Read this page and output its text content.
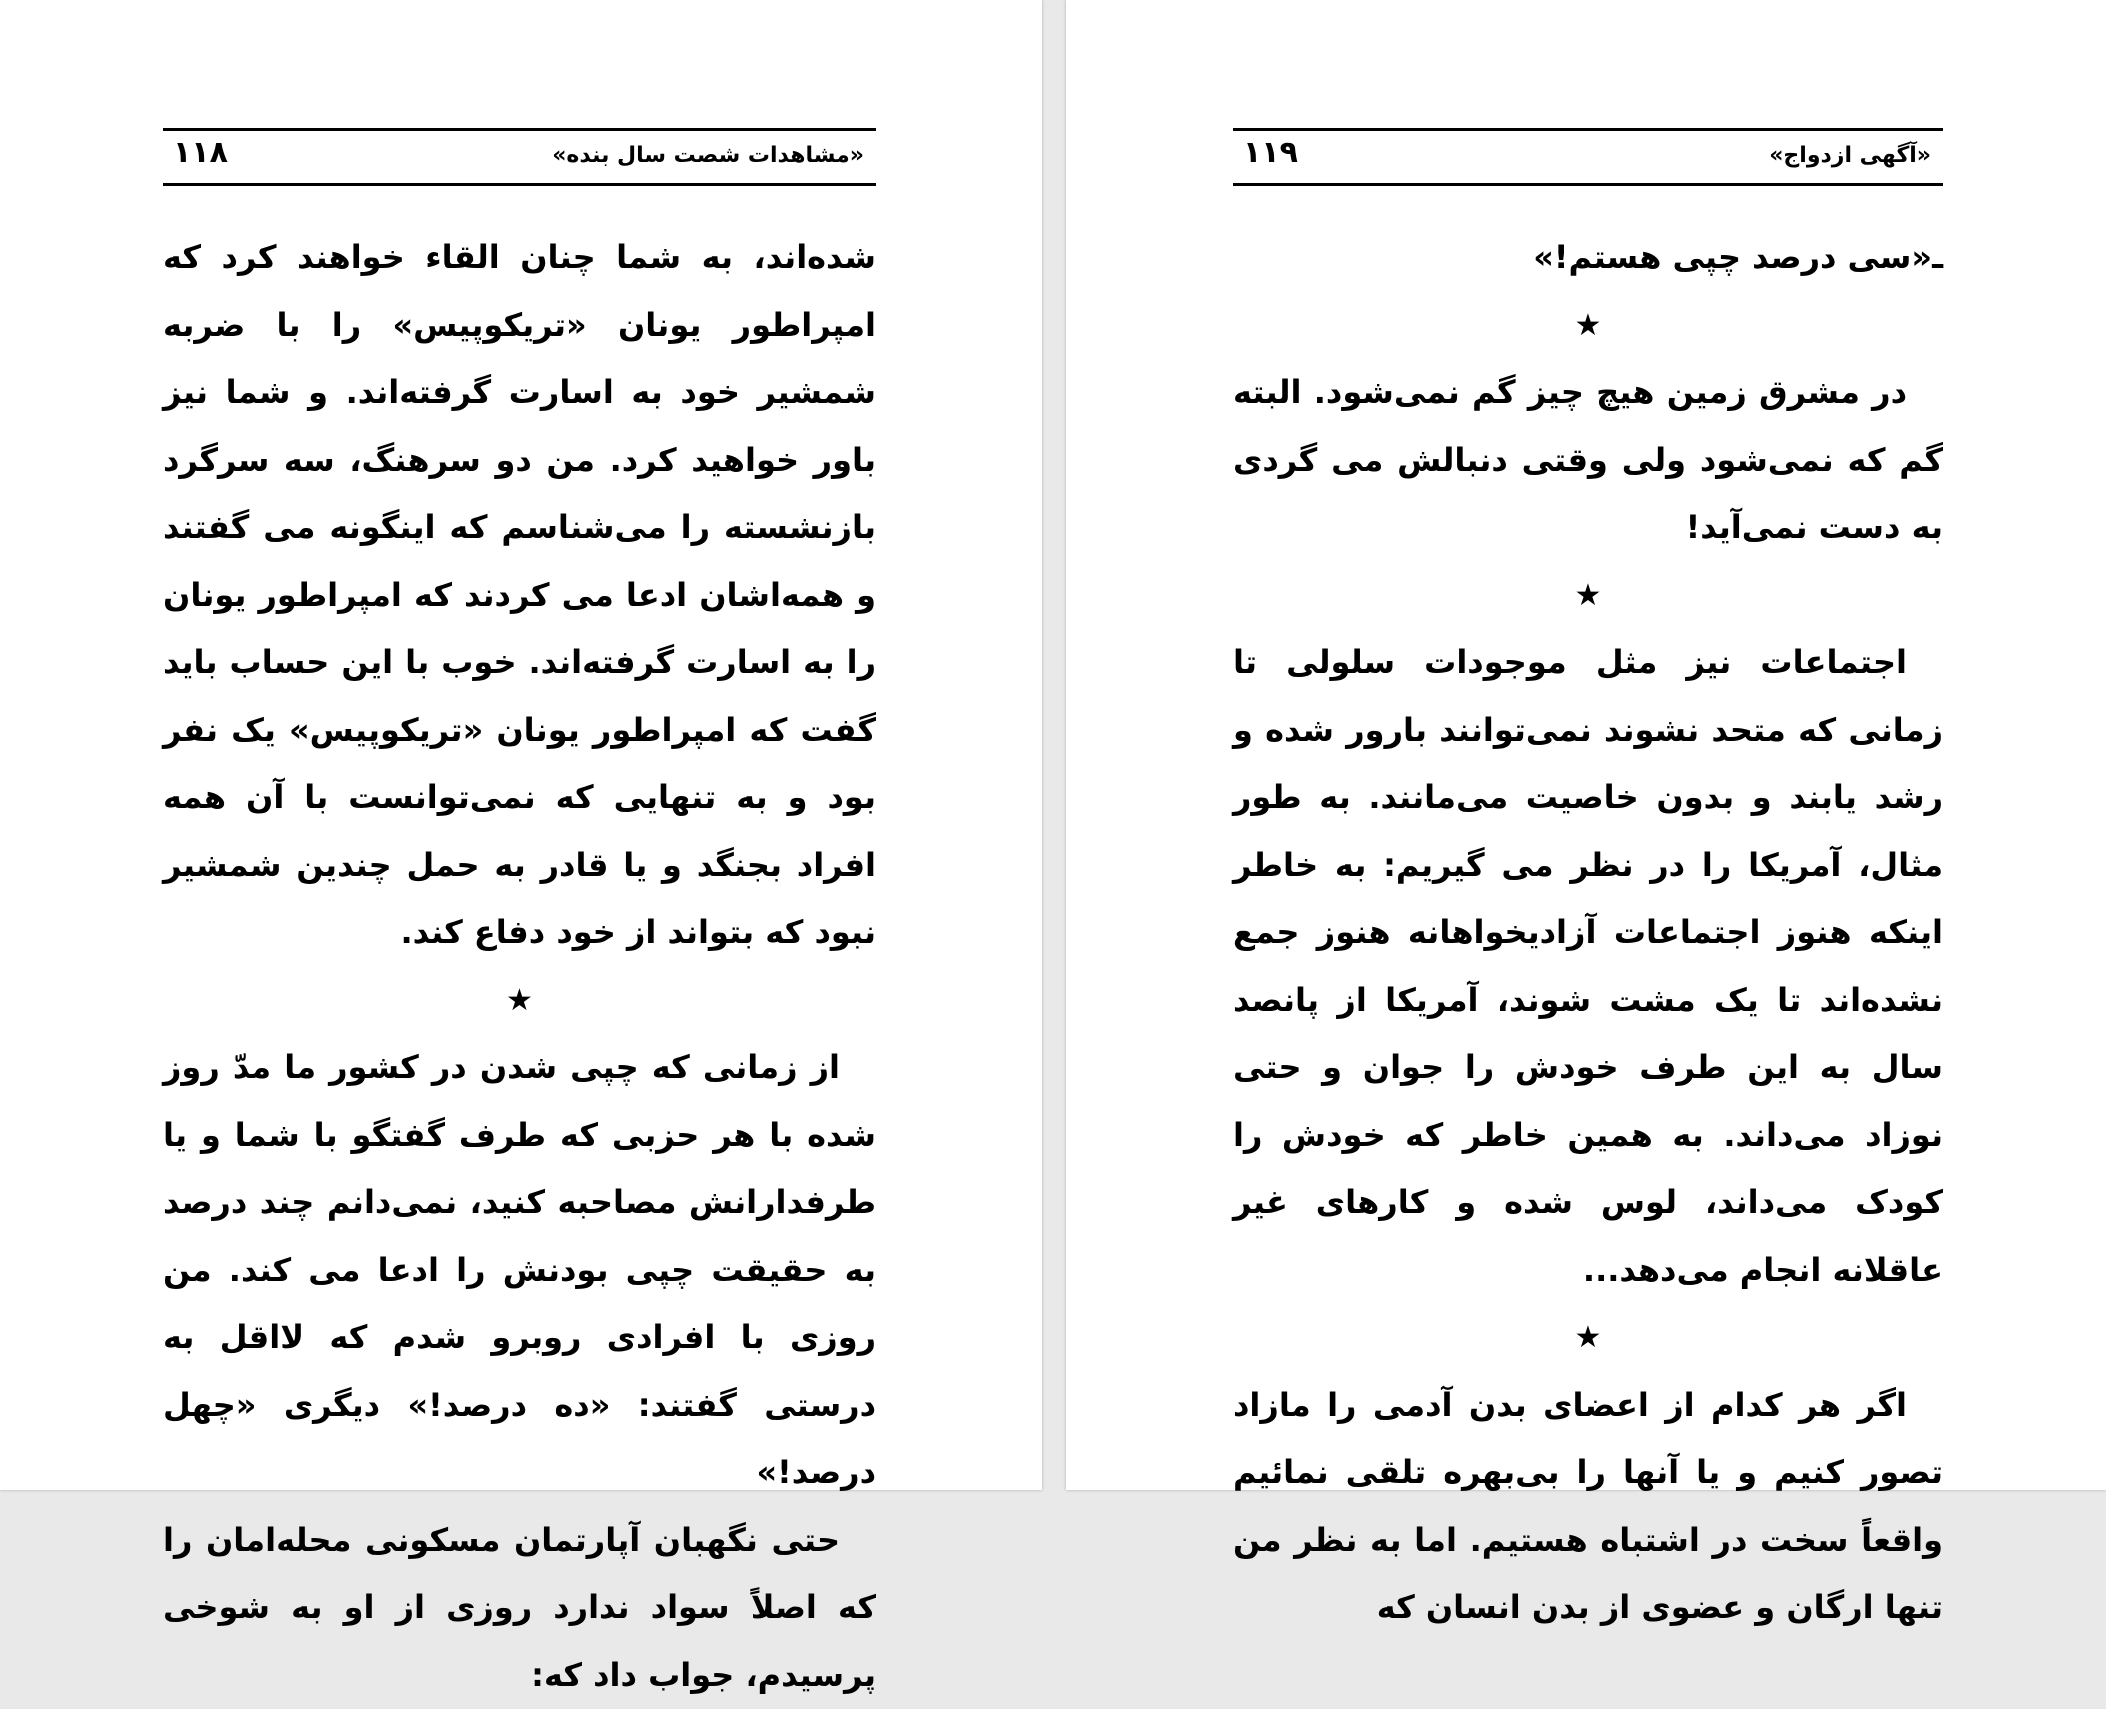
«مشاهدات شصت سال بنده»
۱۱۸

شده‌اند، به شما چنان القاء خواهند کرد که امپراطور یونان «تریکوپیس» را با ضربه شمشیر خود به اسارت گرفته‌اند. و شما نیز باور خواهید کرد. من دو سرهنگ، سه سرگرد بازنشسته را می‌شناسم که اینگونه می گفتند و همه‌اشان ادعا می کردند که امپراطور یونان را به اسارت گرفته‌اند. خوب با این حساب باید گفت که امپراطور یونان «تریکوپیس» یک نفر بود و به تنهایی که نمی‌توانست با آن همه افراد بجنگد و یا قادر به حمل چندین شمشیر نبود که بتواند از خود دفاع کند.

★

از زمانی که چپی شدن در کشور ما مدّ روز شده با هر حزبی که طرف گفتگو با شما و یا طرفدارانش مصاحبه کنید، نمی‌دانم چند درصد به حقیقت چپی بودنش را ادعا می کند. من روزی با افرادی روبرو شدم که لااقل به درستی گفتند: «ده درصد!» دیگری «چهل درصد!»

حتی نگهبان آپارتمان مسکونی محله‌امان را که اصلاً سواد ندارد روزی از او به شوخی پرسیدم، جواب داد که:

«آگهی ازدواج»
۱۱۹

ـ«سی درصد چپی هستم!»

★

در مشرق زمین هیچ چیز گم نمی‌شود. البته گم که نمی‌شود ولی وقتی دنبالش می گردی به دست نمی‌آید!

★

اجتماعات نیز مثل موجودات سلولی تا زمانی که متحد نشوند نمی‌توانند بارور شده و رشد یابند و بدون خاصیت می‌مانند. به طور مثال، آمریکا را در نظر می گیریم: به خاطر اینکه هنوز اجتماعات آزادیخواهانه هنوز جمع نشده‌اند تا یک مشت شوند، آمریکا از پانصد سال به این طرف خودش را جوان و حتی نوزاد می‌داند. به همین خاطر که خودش را کودک می‌داند، لوس شده و کارهای غیر عاقلانه انجام می‌دهد...

★

اگر هر کدام از اعضای بدن آدمی را مازاد تصور کنیم و یا آنها را بی‌بهره تلقی نمائیم واقعاً سخت در اشتباه هستیم. اما به نظر من تنها ارگان و عضوی از بدن انسان که
